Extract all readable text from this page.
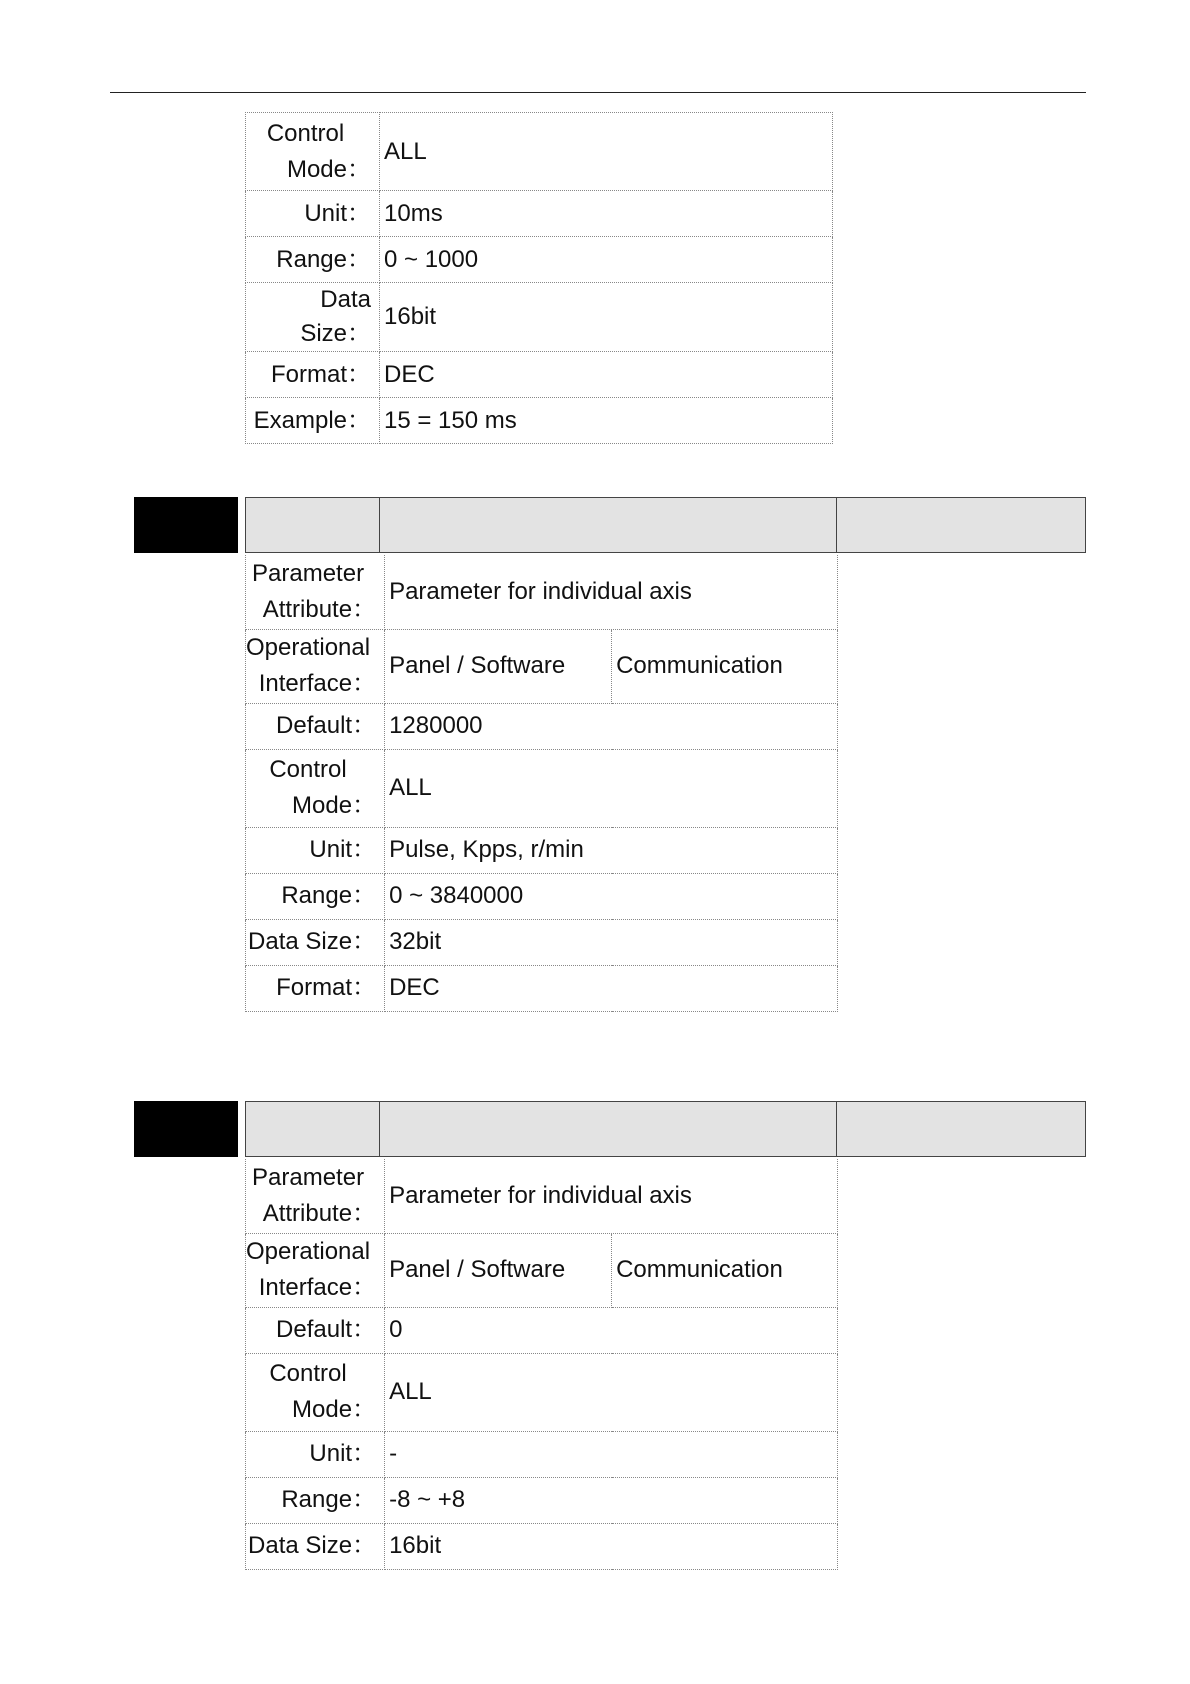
Control
Mode：	ALL
Unit：	10ms
Range：	0 ~ 1000
Data Size：	16bit
Format：	DEC
Example：	15 = 150 ms
Parameter
Attribute：	Parameter for individual axis	

Operational
Interface：	Panel / Software	Communication
Default：	1280000	

Control
Mode：	ALL	
Unit：	Pulse, Kpps, r/min	
Range：	0 ~ 3840000	
Data Size：	32bit	
Format：	DEC	
Parameter
Attribute：	Parameter for individual axis	

Operational
Interface：	Panel / Software	Communication
Default：	0	

Control
Mode：	ALL	
Unit：	-	
Range：	-8 ~ +8	
Data Size：	16bit	
